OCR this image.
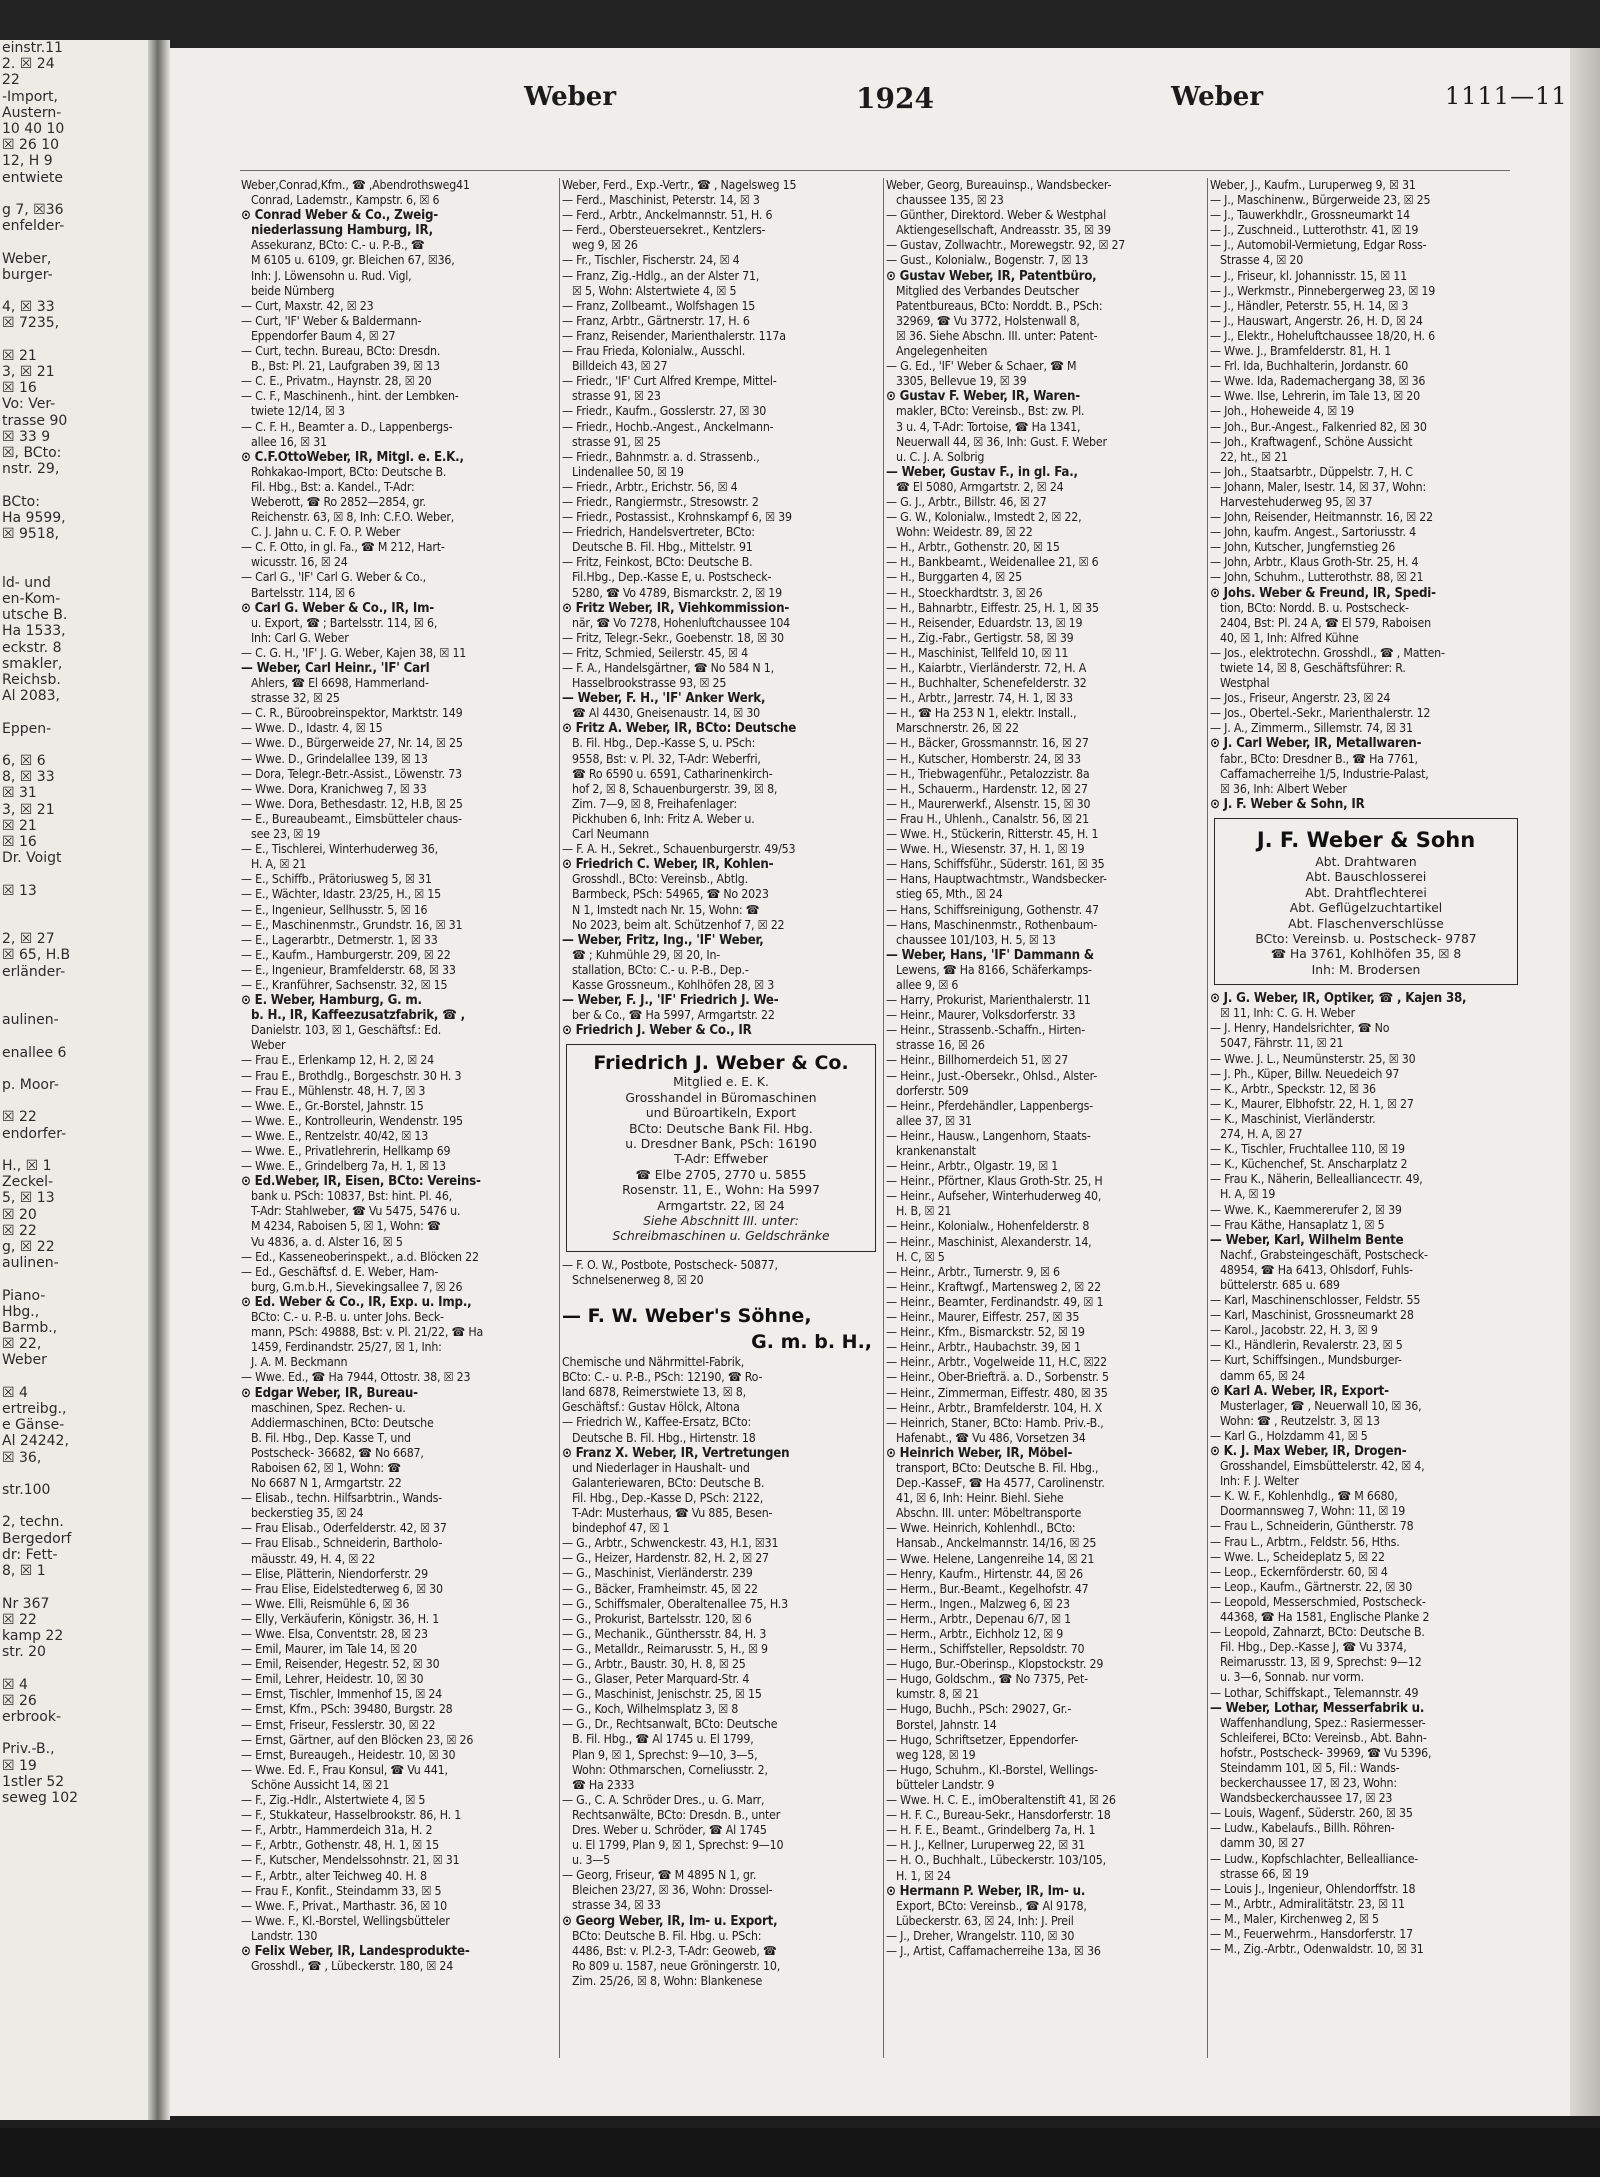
einstr.11
2. ☒ 24
22
-Import,
Austern-
10 40 10
☒ 26 10
12, H 9
entwiete

g 7, ☒36
enfelder-

Weber,
burger-

4, ☒ 33
☒ 7235,

☒ 21
3, ☒ 21
☒ 16
Vo: Ver-
trasse 90
☒ 33 9
☒, BCto:
nstr. 29,

BCto:
Ha 9599,
☒ 9518,

ld- und
en-Kom-
utsche B.
Ha 1533,
eckstr. 8
smakler,
Reichsb.
Al 2083,

Eppen-

6, ☒ 6
8, ☒ 33
☒ 31
3, ☒ 21
☒ 21
☒ 16
Dr. Voigt

☒ 13

2, ☒ 27
☒ 65, H.B
erländer-

aulinen-

enallee 6

p. Moor-

☒ 22
endorfer-

H., ☒ 1
Zeckel-
5, ☒ 13
☒ 20
☒ 22
g, ☒ 22
aulinen-

Piano-
Hbg.,
Barmb.,
☒ 22,
Weber

☒ 4
ertreibg.,
e Gänse-
Al 24242,
☒ 36,

str.100

2, techn.
Bergedorf
dr: Fett-
8, ☒ 1

Nr 367
☒ 22
kamp 22
str. 20

☒ 4
☒ 26
erbrook-

Priv.-B.,
☒ 19
1stler 52
seweg 102
Weber	1924	Weber	1111—11
Weber,Conrad,Kfm., ☎ ,Abendrothsweg41
Conrad, Lademstr., Kampstr. 6, ☒ 6
⊙ Conrad Weber & Co., Zweig-
niederlassung Hamburg, IR,
Assekuranz, BCto: C.- u. P.-B., ☎
M 6105 u. 6109, gr. Bleichen 67, ☒36,
Inh: J. Löwensohn u. Rud. Vigl,
beide Nürnberg
— Curt, Maxstr. 42, ☒ 23
— Curt, 'IF' Weber & Baldermann-
Eppendorfer Baum 4, ☒ 27
— Curt, techn. Bureau, BCto: Dresdn.
B., Bst: Pl. 21, Laufgraben 39, ☒ 13
— C. E., Privatm., Haynstr. 28, ☒ 20
— C. F., Maschinenh., hint. der Lembken-
twiete 12/14, ☒ 3
— C. F. H., Beamter a. D., Lappenbergs-
allee 16, ☒ 31
⊙ C.F.OttoWeber, IR, Mitgl. e. E.K.,
Rohkakao-Import, BCto: Deutsche B.
Fil. Hbg., Bst: a. Kandel., T-Adr:
Weberott, ☎ Ro 2852—2854, gr.
Reichenstr. 63, ☒ 8, Inh: C.F.O. Weber,
C. J. Jahn u. C. F. O. P. Weber
— C. F. Otto, in gl. Fa., ☎ M 212, Hart-
wicusstr. 16, ☒ 24
— Carl G., 'IF' Carl G. Weber & Co.,
Bartelsstr. 114, ☒ 6
⊙ Carl G. Weber & Co., IR, Im-
u. Export, ☎ ; Bartelsstr. 114, ☒ 6,
Inh: Carl G. Weber
— C. G. H., 'IF' J. G. Weber, Kajen 38, ☒ 11
— Weber, Carl Heinr., 'IF' Carl
Ahlers, ☎ El 6698, Hammerland-
strasse 32, ☒ 25
— C. R., Büroobreinspektor, Marktstr. 149
— Wwe. D., Idastr. 4, ☒ 15
— Wwe. D., Bürgerweide 27, Nr. 14, ☒ 25
— Wwe. D., Grindelallee 139, ☒ 13
— Dora, Telegr.-Betr.-Assist., Löwenstr. 73
— Wwe. Dora, Kranichweg 7, ☒ 33
— Wwe. Dora, Bethesdastr. 12, H.B, ☒ 25
— E., Bureaubeamt., Eimsbütteler chaus-
see 23, ☒ 19
— E., Tischlerei, Winterhuderweg 36,
H. A, ☒ 21
— E., Schiffb., Prätoriusweg 5, ☒ 31
— E., Wächter, Idastr. 23/25, H., ☒ 15
— E., Ingenieur, Sellhusstr. 5, ☒ 16
— E., Maschinenmstr., Grundstr. 16, ☒ 31
— E., Lagerarbtr., Detmerstr. 1, ☒ 33
— E., Kaufm., Hamburgerstr. 209, ☒ 22
— E., Ingenieur, Bramfelderstr. 68, ☒ 33
— E., Kranführer, Sachsenstr. 32, ☒ 15
⊙ E. Weber, Hamburg, G. m.
b. H., IR, Kaffeezusatzfabrik, ☎ ,
Danielstr. 103, ☒ 1, Geschäftsf.: Ed.
Weber
— Frau E., Erlenkamp 12, H. 2, ☒ 24
— Frau E., Brothdlg., Borgeschstr. 30 H. 3
— Frau E., Mühlenstr. 48, H. 7, ☒ 3
— Wwe. E., Gr.-Borstel, Jahnstr. 15
— Wwe. E., Kontrolleurin, Wendenstr. 195
— Wwe. E., Rentzelstr. 40/42, ☒ 13
— Wwe. E., Privatlehrerin, Hellkamp 69
— Wwe. E., Grindelberg 7a, H. 1, ☒ 13
⊙ Ed.Weber, IR, Eisen, BCto: Vereins-
bank u. PSch: 10837, Bst: hint. Pl. 46,
T-Adr: Stahlweber, ☎ Vu 5475, 5476 u.
M 4234, Raboisen 5, ☒ 1, Wohn: ☎
Vu 4836, a. d. Alster 16, ☒ 5
— Ed., Kasseneoberinspekt., a.d. Blöcken 22
— Ed., Geschäftsf. d. E. Weber, Ham-
burg, G.m.b.H., Sievekingsallee 7, ☒ 26
⊙ Ed. Weber & Co., IR, Exp. u. Imp.,
BCto: C.- u. P.-B. u. unter Johs. Beck-
mann, PSch: 49888, Bst: v. Pl. 21/22, ☎ Ha
1459, Ferdinandstr. 25/27, ☒ 1, Inh:
J. A. M. Beckmann
— Wwe. Ed., ☎ Ha 7944, Ottostr. 38, ☒ 23
⊙ Edgar Weber, IR, Bureau-
maschinen, Spez. Rechen- u.
Addiermaschinen, BCto: Deutsche
B. Fil. Hbg., Dep. Kasse T, und
Postscheck- 36682, ☎ No 6687,
Raboisen 62, ☒ 1, Wohn: ☎
No 6687 N 1, Armgartstr. 22
— Elisab., techn. Hilfsarbtrin., Wands-
beckerstieg 35, ☒ 24
— Frau Elisab., Oderfelderstr. 42, ☒ 37
— Frau Elisab., Schneiderin, Bartholo-
mäusstr. 49, H. 4, ☒ 22
— Elise, Plätterin, Niendorferstr. 29
— Frau Elise, Eidelstedterweg 6, ☒ 30
— Wwe. Elli, Reismühle 6, ☒ 36
— Elly, Verkäuferin, Königstr. 36, H. 1
— Wwe. Elsa, Conventstr. 28, ☒ 23
— Emil, Maurer, im Tale 14, ☒ 20
— Emil, Reisender, Hegestr. 52, ☒ 30
— Emil, Lehrer, Heidestr. 10, ☒ 30
— Ernst, Tischler, Immenhof 15, ☒ 24
— Ernst, Kfm., PSch: 39480, Burgstr. 28
— Ernst, Friseur, Fesslerstr. 30, ☒ 22
— Ernst, Gärtner, auf den Blöcken 23, ☒ 26
— Ernst, Bureaugeh., Heidestr. 10, ☒ 30
— Wwe. Ed. F., Frau Konsul, ☎ Vu 441,
Schöne Aussicht 14, ☒ 21
— F., Zig.-Hdlr., Alstertwiete 4, ☒ 5
— F., Stukkateur, Hasselbrookstr. 86, H. 1
— F., Arbtr., Hammerdeich 31a, H. 2
— F., Arbtr., Gothenstr. 48, H. 1, ☒ 15
— F., Kutscher, Mendelssohnstr. 21, ☒ 31
— F., Arbtr., alter Teichweg 40. H. 8
— Frau F., Konfit., Steindamm 33, ☒ 5
— Wwe. F., Privat., Marthastr. 36, ☒ 10
— Wwe. F., Kl.-Borstel, Wellingsbütteler
Landstr. 130
⊙ Felix Weber, IR, Landesprodukte-
Grosshdl., ☎ , Lübeckerstr. 180, ☒ 24
Weber, Ferd., Exp.-Vertr., ☎ , Nagelsweg 15
— Ferd., Maschinist, Peterstr. 14, ☒ 3
— Ferd., Arbtr., Anckelmannstr. 51, H. 6
— Ferd., Obersteuersekret., Kentzlers-
weg 9, ☒ 26
— Fr., Tischler, Fischerstr. 24, ☒ 4
— Franz, Zig.-Hdlg., an der Alster 71,
☒ 5, Wohn: Alstertwiete 4, ☒ 5
— Franz, Zollbeamt., Wolfshagen 15
— Franz, Arbtr., Gärtnerstr. 17, H. 6
— Franz, Reisender, Marienthalerstr. 117a
— Frau Frieda, Kolonialw., Ausschl.
Billdeich 43, ☒ 27
— Friedr., 'IF' Curt Alfred Krempe, Mittel-
strasse 91, ☒ 23
— Friedr., Kaufm., Gosslerstr. 27, ☒ 30
— Friedr., Hochb.-Angest., Anckelmann-
strasse 91, ☒ 25
— Friedr., Bahnmstr. a. d. Strassenb.,
Lindenallee 50, ☒ 19
— Friedr., Arbtr., Erichstr. 56, ☒ 4
— Friedr., Rangiermstr., Stresowstr. 2
— Friedr., Postassist., Krohnskampf 6, ☒ 39
— Friedrich, Handelsvertreter, BCto:
Deutsche B. Fil. Hbg., Mittelstr. 91
— Fritz, Feinkost, BCto: Deutsche B.
Fil.Hbg., Dep.-Kasse E, u. Postscheck-
5280, ☎ Vo 4789, Bismarckstr. 2, ☒ 19
⊙ Fritz Weber, IR, Viehkommission-
när, ☎ Vo 7278, Hohenluftchaussee 104
— Fritz, Telegr.-Sekr., Goebenstr. 18, ☒ 30
— Fritz, Schmied, Seilerstr. 45, ☒ 4
— F. A., Handelsgärtner, ☎ No 584 N 1,
Hasselbrookstrasse 93, ☒ 25
— Weber, F. H., 'IF' Anker Werk,
☎ Al 4430, Gneisenaustr. 14, ☒ 30
⊙ Fritz A. Weber, IR, BCto: Deutsche
B. Fil. Hbg., Dep.-Kasse S, u. PSch:
9558, Bst: v. Pl. 32, T-Adr: Weberfri,
☎ Ro 6590 u. 6591, Catharinenkirch-
hof 2, ☒ 8, Schauenburgerstr. 39, ☒ 8,
Zim. 7—9, ☒ 8, Freihafenlager:
Pickhuben 6, Inh: Fritz A. Weber u.
Carl Neumann
— F. A. H., Sekret., Schauenburgerstr. 49/53
⊙ Friedrich C. Weber, IR, Kohlen-
Grosshdl., BCto: Vereinsb., Abtlg.
Barmbeck, PSch: 54965, ☎ No 2023
N 1, Imstedt nach Nr. 15, Wohn: ☎
No 2023, beim alt. Schützenhof 7, ☒ 22
— Weber, Fritz, Ing., 'IF' Weber,
☎ ; Kuhmühle 29, ☒ 20, In-
stallation, BCto: C.- u. P.-B., Dep.-
Kasse Grossneum., Kohlhöfen 28, ☒ 3
— Weber, F. J., 'IF' Friedrich J. We-
ber & Co., ☎ Ha 5997, Armgartstr. 22
⊙ Friedrich J. Weber & Co., IR
Friedrich J. Weber & Co.
Mitglied e. E. K.
Grosshandel in Büromaschinen
und Büroartikeln, Export
BCto: Deutsche Bank Fil. Hbg.
u. Dresdner Bank, PSch: 16190
T-Adr: Effweber
☎ Elbe 2705, 2770 u. 5855
Rosenstr. 11, E., Wohn: Ha 5997
Armgartstr. 22, ☒ 24
Siehe Abschnitt III. unter:
Schreibmaschinen u. Geldschränke
— F. O. W., Postbote, Postscheck- 50877,
Schnelsenerweg 8, ☒ 20

— F. W. Weber's Söhne,
G. m. b. H.,
Chemische und Nährmittel-Fabrik,
BCto: C.- u. P.-B., PSch: 12190, ☎ Ro-
land 6878, Reimerstwiete 13, ☒ 8,
Geschäftsf.: Gustav Hölck, Altona
— Friedrich W., Kaffee-Ersatz, BCto:
Deutsche B. Fil. Hbg., Hirtenstr. 18
⊙ Franz X. Weber, IR, Vertretungen
und Niederlager in Haushalt- und
Galanteriewaren, BCto: Deutsche B.
Fil. Hbg., Dep.-Kasse D, PSch: 2122,
T-Adr: Musterhaus, ☎ Vu 885, Besen-
bindерhof 47, ☒ 1
— G., Arbtr., Schwenckestr. 43, H.1, ☒31
— G., Heizer, Hardenstr. 82, H. 2, ☒ 27
— G., Maschinist, Vierländerstr. 239
— G., Bäcker, Framheimstr. 45, ☒ 22
— G., Schiffsmaler, Oberaltenallee 75, H.3
— G., Prokurist, Bartelsstr. 120, ☒ 6
— G., Mechanik., Günthersstr. 84, H. 3
— G., Metalldr., Reimarusstr. 5, H., ☒ 9
— G., Arbtr., Baustr. 30, H. 8, ☒ 25
— G., Glaser, Peter Marquard-Str. 4
— G., Maschinist, Jenischstr. 25, ☒ 15
— G., Koch, Wilhelmsplatz 3, ☒ 8
— G., Dr., Rechtsanwalt, BCto: Deutsche
B. Fil. Hbg., ☎ Al 1745 u. El 1799,
Plan 9, ☒ 1, Sprechst: 9—10, 3—5,
Wohn: Othmarschen, Corneliusstr. 2,
☎ Ha 2333
— G., C. A. Schröder Dres., u. G. Marr,
Rechtsanwälte, BCto: Dresdn. B., unter
Dres. Weber u. Schröder, ☎ Al 1745
u. El 1799, Plan 9, ☒ 1, Sprechst: 9—10
u. 3—5
— Georg, Friseur, ☎ M 4895 N 1, gr.
Bleichen 23/27, ☒ 36, Wohn: Drossel-
strasse 34, ☒ 33
⊙ Georg Weber, IR, Im- u. Export,
BCto: Deutsche B. Fil. Hbg. u. PSch:
4486, Bst: v. Pl.2-3, T-Adr: Geoweb, ☎
Ro 809 u. 1587, neue Gröningerstr. 10,
Zim. 25/26, ☒ 8, Wohn: Blankenese
Weber, Georg, Bureauinsp., Wandsbecker-
chaussee 135, ☒ 23
— Günther, Direktord. Weber & Westphal
Aktiengesellschaft, Andreasstr. 35, ☒ 39
— Gustav, Zollwachtr., Morewegstr. 92, ☒ 27
— Gust., Kolonialw., Bogenstr. 7, ☒ 13
⊙ Gustav Weber, IR, Patentbüro,
Mitglied des Verbandes Deutscher
Patentbureaus, BCto: Norddt. B., PSch:
32969, ☎ Vu 3772, Holstenwall 8,
☒ 36. Siehe Abschn. III. unter: Patent-
Angelegenheiten
— G. Ed., 'IF' Weber & Schaer, ☎ M
3305, Bellevue 19, ☒ 39
⊙ Gustav F. Weber, IR, Waren-
makler, BCto: Vereinsb., Bst: zw. Pl.
3 u. 4, T-Adr: Tortoise, ☎ Ha 1341,
Neuerwall 44, ☒ 36, Inh: Gust. F. Weber
u. C. J. A. Solbrig
— Weber, Gustav F., in gl. Fa.,
☎ El 5080, Armgartstr. 2, ☒ 24
— G. J., Arbtr., Billstr. 46, ☒ 27
— G. W., Kolonialw., Imstedt 2, ☒ 22,
Wohn: Weidestr. 89, ☒ 22
— H., Arbtr., Gothenstr. 20, ☒ 15
— H., Bankbeamt., Weidenallee 21, ☒ 6
— H., Burggarten 4, ☒ 25
— H., Stoeckhardtstr. 3, ☒ 26
— H., Bahnarbtr., Eiffestr. 25, H. 1, ☒ 35
— H., Reisender, Eduardstr. 13, ☒ 19
— H., Zig.-Fabr., Gertigstr. 58, ☒ 39
— H., Maschinist, Tellfeld 10, ☒ 11
— H., Kaiarbtr., Vierländerstr. 72, H. A
— H., Buchhalter, Schenefelderstr. 32
— H., Arbtr., Jarrestr. 74, H. 1, ☒ 33
— H., ☎ Ha 253 N 1, elektr. Install.,
Marschnerstr. 26, ☒ 22
— H., Bäcker, Grossmannstr. 16, ☒ 27
— H., Kutscher, Homberstr. 24, ☒ 33
— H., Triebwagenführ., Petalozzistr. 8a
— H., Schauerm., Hardenstr. 12, ☒ 27
— H., Maurerwerkf., Alsenstr. 15, ☒ 30
— Frau H., Uhlenh., Canalstr. 56, ☒ 21
— Wwe. H., Stückerin, Ritterstr. 45, H. 1
— Wwe. H., Wiesenstr. 37, H. 1, ☒ 19
— Hans, Schiffsführ., Süderstr. 161, ☒ 35
— Hans, Hauptwachtmstr., Wandsbecker-
stieg 65, Mth., ☒ 24
— Hans, Schiffsreinigung, Gothenstr. 47
— Hans, Maschinenmstr., Rothenbaum-
chaussee 101/103, H. 5, ☒ 13
— Weber, Hans, 'IF' Dammann &
Lewens, ☎ Ha 8166, Schäferkamps-
allee 9, ☒ 6
— Harry, Prokurist, Marienthalerstr. 11
— Heinr., Maurer, Volksdorferstr. 33
— Heinr., Strassenb.-Schaffn., Hirten-
strasse 16, ☒ 26
— Heinr., Billhornerdeich 51, ☒ 27
— Heinr., Just.-Obersekr., Ohlsd., Alster-
dorferstr. 509
— Heinr., Pferdehändler, Lappenbergs-
allee 37, ☒ 31
— Heinr., Hausw., Langenhorn, Staats-
krankenanstalt
— Heinr., Arbtr., Olgastr. 19, ☒ 1
— Heinr., Pförtner, Klaus Groth-Str. 25, H
— Heinr., Aufseher, Winterhuderweg 40,
H. B, ☒ 21
— Heinr., Kolonialw., Hohenfelderstr. 8
— Heinr., Maschinist, Alexanderstr. 14,
H. C, ☒ 5
— Heinr., Arbtr., Turnerstr. 9, ☒ 6
— Heinr., Kraftwgf., Martensweg 2, ☒ 22
— Heinr., Beamter, Ferdinandstr. 49, ☒ 1
— Heinr., Maurer, Eiffestr. 257, ☒ 35
— Heinr., Kfm., Bismarckstr. 52, ☒ 19
— Heinr., Arbtr., Haubachstr. 39, ☒ 1
— Heinr., Arbtr., Vogelweide 11, H.C, ☒22
— Heinr., Ober-Briefträ. a. D., Sorbenstr. 5
— Heinr., Zimmerman, Eiffestr. 480, ☒ 35
— Heinr., Arbtr., Bramfelderstr. 104, H. X
— Heinrich, Staner, BCto: Hamb. Priv.-B.,
Hafenabt., ☎ Vu 486, Vorsetzen 34
⊙ Heinrich Weber, IR, Möbel-
transport, BCto: Deutsche B. Fil. Hbg.,
Dep.-KasseF, ☎ Ha 4577, Carolinenstr.
41, ☒ 6, Inh: Heinr. Biehl. Siehe
Abschn. III. unter: Möbeltransporte
— Wwe. Heinrich, Kohlenhdl., BCto:
Hansab., Anckelmannstr. 14/16, ☒ 25
— Wwe. Helene, Langenreihe 14, ☒ 21
— Henry, Kaufm., Hirtenstr. 44, ☒ 26
— Herm., Bur.-Beamt., Kegelhofstr. 47
— Herm., Ingen., Malzweg 6, ☒ 23
— Herm., Arbtr., Depenau 6/7, ☒ 1
— Herm., Arbtr., Eichholz 12, ☒ 9
— Herm., Schiffsteller, Repsoldstr. 70
— Hugo, Bur.-Oberinsp., Klopstockstr. 29
— Hugo, Goldschm., ☎ No 7375, Pet-
kumstr. 8, ☒ 21
— Hugo, Buchh., PSch: 29027, Gr.-
Borstel, Jahnstr. 14
— Hugo, Schriftsetzer, Eppendorfer-
weg 128, ☒ 19
— Hugo, Schuhm., Kl.-Borstel, Wellings-
bütteler Landstr. 9
— Wwe. H. C. E., imOberaltenstift 41, ☒ 26
— H. F. C., Bureau-Sekr., Hansdorferstr. 18
— H. F. E., Beamt., Grindelberg 7a, H. 1
— H. J., Kellner, Luruperweg 22, ☒ 31
— H. O., Buchhalt., Lübeckerstr. 103/105,
H. 1, ☒ 24
⊙ Hermann P. Weber, IR, Im- u.
Export, BCto: Vereinsb., ☎ Al 9178,
Lübeckerstr. 63, ☒ 24, Inh: J. Preil
— J., Dreher, Wrangelstr. 110, ☒ 30
— J., Artist, Caffamacherreihe 13a, ☒ 36
Weber, J., Kaufm., Luruperweg 9, ☒ 31
— J., Maschinenw., Bürgerweide 23, ☒ 25
— J., Tauwerkhdlr., Grossneumarkt 14
— J., Zuschneid., Lutterothstr. 41, ☒ 19
— J., Automobil-Vermietung, Edgar Ross-
Strasse 4, ☒ 20
— J., Friseur, kl. Johannisstr. 15, ☒ 11
— J., Werkmstr., Pinnebergerweg 23, ☒ 19
— J., Händler, Peterstr. 55, H. 14, ☒ 3
— J., Hauswart, Angerstr. 26, H. D, ☒ 24
— J., Elektr., Hoheluftchaussee 18/20, H. 6
— Wwe. J., Bramfelderstr. 81, H. 1
— Frl. Ida, Buchhalterin, Jordanstr. 60
— Wwe. Ida, Rademachergang 38, ☒ 36
— Wwe. Ilse, Lehrerin, im Tale 13, ☒ 20
— Joh., Hoheweide 4, ☒ 19
— Joh., Bur.-Angest., Falkenried 82, ☒ 30
— Joh., Kraftwagenf., Schöne Aussicht
22, ht., ☒ 21
— Joh., Staatsarbtr., Düppelstr. 7, H. C
— Johann, Maler, Isestr. 14, ☒ 37, Wohn:
Harvestehuderweg 95, ☒ 37
— John, Reisender, Heitmannstr. 16, ☒ 22
— John, kaufm. Angest., Sartoriusstr. 4
— John, Kutscher, Jungfernstieg 26
— John, Arbtr., Klaus Groth-Str. 25, H. 4
— John, Schuhm., Lutterothstr. 88, ☒ 21
⊙ Johs. Weber & Freund, IR, Spedi-
tion, BCto: Nordd. B. u. Postscheck-
2404, Bst: Pl. 24 A, ☎ El 579, Raboisen
40, ☒ 1, Inh: Alfred Kühne
— Jos., elektrotechn. Grosshdl., ☎ , Matten-
twiete 14, ☒ 8, Geschäftsführer: R.
Westphal
— Jos., Friseur, Angerstr. 23, ☒ 24
— Jos., Obertel.-Sekr., Marienthalerstr. 12
— J. A., Zimmerm., Sillemstr. 74, ☒ 31
⊙ J. Carl Weber, IR, Metallwaren-
fabr., BCto: Dresdner B., ☎ Ha 7761,
Caffamacherreihe 1/5, Industrie-Palast,
☒ 36, Inh: Albert Weber
⊙ J. F. Weber & Sohn, IR
J. F. Weber & Sohn
Abt. Drahtwaren
Abt. Bauschlosserei
Abt. Drahtflechterei
Abt. Geflügelzuchtartikel
Abt. Flaschenverschlüsse
BCto: Vereinsb. u. Postscheck- 9787
☎ Ha 3761, Kohlhöfen 35, ☒ 8
Inh: M. Brodersen
⊙ J. G. Weber, IR, Optiker, ☎ , Kajen 38,
☒ 11, Inh: C. G. H. Weber
— J. Henry, Handelsrichter, ☎ No
5047, Fährstr. 11, ☒ 21
— Wwe. J. L., Neumünsterstr. 25, ☒ 30
— J. Ph., Küper, Billw. Neuedeich 97
— K., Arbtr., Speckstr. 12, ☒ 36
— K., Maurer, Elbhofstr. 22, H. 1, ☒ 27
— K., Maschinist, Vierländerstr.
274, H. A, ☒ 27
— K., Tischler, Fruchtallee 110, ☒ 19
— K., Küchenchef, St. Anscharplatz 2
— Frau K., Näherin, Belleallianceстr. 49,
H. A, ☒ 19
— Wwe. K., Kaemmererufer 2, ☒ 39
— Frau Käthe, Hansaplatz 1, ☒ 5
— Weber, Karl, Wilhelm Bente
Nachf., Grabsteingeschäft, Postscheck-
48954, ☎ Ha 6413, Ohlsdorf, Fuhls-
büttelerstr. 685 u. 689
— Karl, Maschinenschlosser, Feldstr. 55
— Karl, Maschinist, Grossneumarkt 28
— Karol., Jacobstr. 22, H. 3, ☒ 9
— Kl., Händlerin, Revalerstr. 23, ☒ 5
— Kurt, Schiffsingen., Mundsburger-
damm 65, ☒ 24
⊙ Karl A. Weber, IR, Export-
Musterlager, ☎ , Neuerwall 10, ☒ 36,
Wohn: ☎ , Reutzelstr. 3, ☒ 13
— Karl G., Holzdamm 41, ☒ 5
⊙ K. J. Max Weber, IR, Drogen-
Grosshandel, Eimsbüttelerstr. 42, ☒ 4,
Inh: F. J. Welter
— K. W. F., Kohlenhdlg., ☎ M 6680,
Doormannsweg 7, Wohn: 11, ☒ 19
— Frau L., Schneiderin, Güntherstr. 78
— Frau L., Arbtrn., Feldstr. 56, Hths.
— Wwe. L., Scheideplatz 5, ☒ 22
— Leop., Eckernförderstr. 60, ☒ 4
— Leop., Kaufm., Gärtnerstr. 22, ☒ 30
— Leopold, Messerschmied, Postscheck-
44368, ☎ Ha 1581, Englische Planke 2
— Leopold, Zahnarzt, BCto: Deutsche B.
Fil. Hbg., Dep.-Kasse J, ☎ Vu 3374,
Reimarusstr. 13, ☒ 9, Sprechst: 9—12
u. 3—6, Sonnab. nur vorm.
— Lothar, Schiffskapt., Telemannstr. 49
— Weber, Lothar, Messerfabrik u.
Waffenhandlung, Spez.: Rasiermesser-
Schleiferei, BCto: Vereinsb., Abt. Bahn-
hofstr., Postscheck- 39969, ☎ Vu 5396,
Steindamm 101, ☒ 5, Fil.: Wands-
beckerchaussee 17, ☒ 23, Wohn:
Wandsbeckerchaussee 17, ☒ 23
— Louis, Wagenf., Süderstr. 260, ☒ 35
— Ludw., Kabelaufs., Billh. Röhren-
damm 30, ☒ 27
— Ludw., Kopfschlachter, Belleallіance-
strasse 66, ☒ 19
— Louis J., Ingenieur, Ohlendorffstr. 18
— M., Arbtr., Admiralitätstr. 23, ☒ 11
— M., Maler, Kirchenweg 2, ☒ 5
— M., Feuerwehrm., Hansdorferstr. 17
— M., Zig.-Arbtr., Odenwaldstr. 10, ☒ 31
